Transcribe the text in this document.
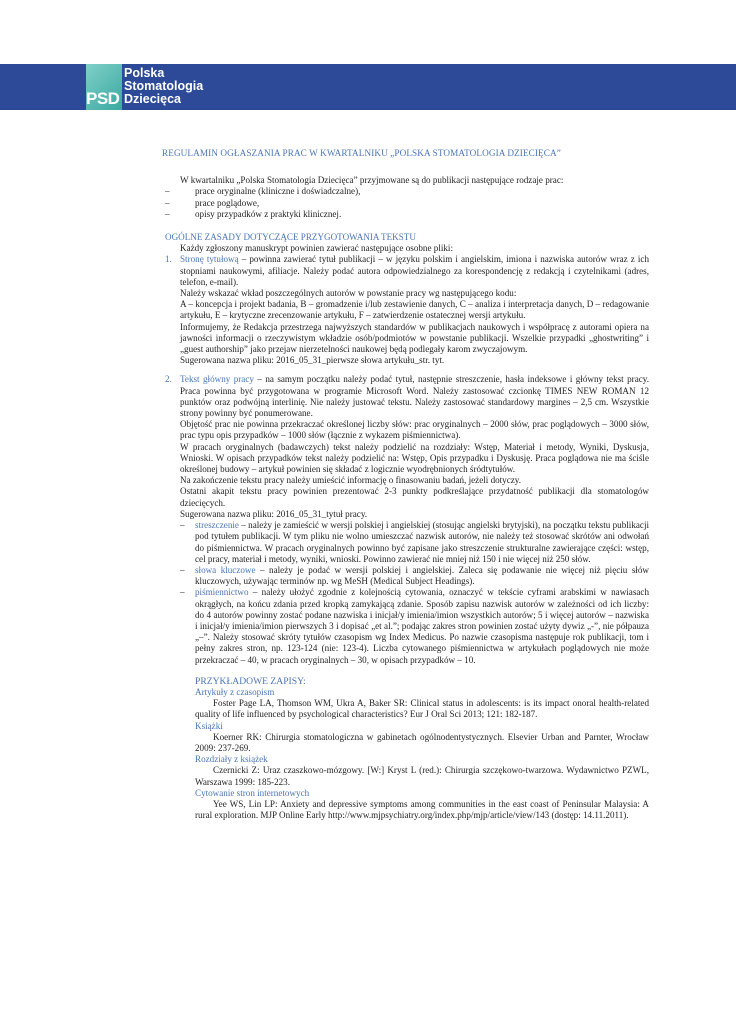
PSD
Polska
Stomatologia
Dziecięca
REGULAMIN OGŁASZANIA PRAC W KWARTALNIKU „POLSKA STOMATOLOGIA DZIECIĘCA”

W kwartalniku „Polska Stomatologia Dziecięca” przyjmowane są do publikacji następujące rodzaje prac:

–	prace oryginalne (kliniczne i doświadczalne),

–	prace poglądowe,

–	opisy przypadków z praktyki klinicznej.

OGÓLNE ZASADY DOTYCZĄCE PRZYGOTOWANIA TEKSTU

Każdy zgłoszony manuskrypt powinien zawierać następujące osobne pliki:

1. Stronę tytułową – powinna zawierać tytuł publikacji – w języku polskim i angielskim, imiona i nazwiska autorów wraz z ich stopniami naukowymi, afiliacje. Należy podać autora odpowiedzialnego za korespondencję z redakcją i czytelnikami (adres, telefon, e-mail).

Należy wskazać wkład poszczególnych autorów w powstanie pracy wg następującego kodu:

A – koncepcja i projekt badania, B – gromadzenie i/lub zestawienie danych, C – analiza i interpretacja danych, D – redagowanie artykułu, E – krytyczne zrecenzowanie artykułu, F – zatwierdzenie ostatecznej wersji artykułu.

Informujemy, że Redakcja przestrzega najwyższych standardów w publikacjach naukowych i współpracę z autorami opiera na jawności informacji o rzeczywistym wkładzie osób/podmiotów w powstanie publikacji. Wszelkie przypadki „ghostwriting” i „guest authorship” jako przejaw nierzetelności naukowej będą podlegały karom zwyczajowym.

Sugerowana nazwa pliku: 2016_05_31_pierwsze słowa artykułu_str. tyt.

2. Tekst główny pracy – na samym początku należy podać tytuł, następnie streszczenie, hasła indeksowe i główny tekst pracy. Praca powinna być przygotowana w programie Microsoft Word. Należy zastosować czcionkę TIMES NEW ROMAN 12 punktów oraz podwójną interlinię. Nie należy justować tekstu. Należy zastosować standardowy margines – 2,5 cm. Wszystkie strony powinny być ponumerowane.

Objętość prac nie powinna przekraczać określonej liczby słów: prac oryginalnych – 2000 słów, prac poglądowych – 3000 słów, prac typu opis przypadków – 1000 słów (łącznie z wykazem piśmiennictwa).

W pracach oryginalnych (badawczych) tekst należy podzielić na rozdziały: Wstęp, Materiał i metody, Wyniki, Dyskusja, Wnioski. W opisach przypadków tekst należy podzielić na: Wstęp, Opis przypadku i Dyskusję. Praca poglądowa nie ma ściśle określonej budowy – artykuł powinien się składać z logicznie wyodrębnionych śródtytułów.

Na zakończenie tekstu pracy należy umieścić informację o finasowaniu badań, jeżeli dotyczy.

Ostatni akapit tekstu pracy powinien prezentować 2-3 punkty podkreślające przydatność publikacji dla stomatologów dziecięcych.

Sugerowana nazwa pliku: 2016_05_31_tytuł pracy.

– streszczenie – należy je zamieścić w wersji polskiej i angielskiej (stosując angielski brytyjski), na początku tekstu publikacji pod tytułem publikacji. W tym pliku nie wolno umieszczać nazwisk autorów, nie należy też stosować skrótów ani odwołań do piśmiennictwa. W pracach oryginalnych powinno być zapisane jako streszczenie strukturalne zawierające części: wstęp, cel pracy, materiał i metody, wyniki, wnioski. Powinno zawierać nie mniej niż 150 i nie więcej niż 250 słów.

– słowa kluczowe – należy je podać w wersji polskiej i angielskiej. Zaleca się podawanie nie więcej niż pięciu słów kluczowych, używając terminów np. wg MeSH (Medical Subject Headings).

– piśmiennictwo – należy ułożyć zgodnie z kolejnością cytowania, oznaczyć w tekście cyframi arabskimi w nawiasach okrągłych, na końcu zdania przed kropką zamykającą zdanie. Sposób zapisu nazwisk autorów w zależności od ich liczby: do 4 autorów powinny zostać podane nazwiska i inicjał/y imienia/imion wszystkich autorów; 5 i więcej autorów – nazwiska i inicjał/y imienia/imion pierwszych 3 i dopisać „et al.”; podając zakres stron powinien zostać użyty dywiz „-”, nie półpauza „–”. Należy stosować skróty tytułów czasopism wg Index Medicus. Po nazwie czasopisma następuje rok publikacji, tom i pełny zakres stron, np. 123-124 (nie: 123-4). Liczba cytowanego piśmiennictwa w artykułach poglądowych nie może przekraczać – 40, w pracach oryginalnych – 30, w opisach przypadków – 10.

PRZYKŁADOWE ZAPISY:
Artykuły z czasopism

Foster Page LA, Thomson WM, Ukra A, Baker SR: Clinical status in adolescents: is its impact onoral health-related quality of life influenced by psychological characteristics? Eur J Oral Sci 2013; 121: 182-187.

Książki

Koerner RK: Chirurgia stomatologiczna w gabinetach ogólnodentystycznych. Elsevier Urban and Parnter, Wrocław 2009: 237-269.

Rozdziały z książek

Czernicki Z: Uraz czaszkowo-mózgowy. [W:] Kryst L (red.): Chirurgia szczękowo-twarzowa. Wydawnictwo PZWL, Warszawa 1999: 185-223.

Cytowanie stron internetowych

Yee WS, Lin LP: Anxiety and depressive symptoms among communities in the east coast of Peninsular Malaysia: A rural exploration. MJP Online Early http://www.mjpsychiatry.org/index.php/mjp/article/view/143 (dostęp: 14.11.2011).
